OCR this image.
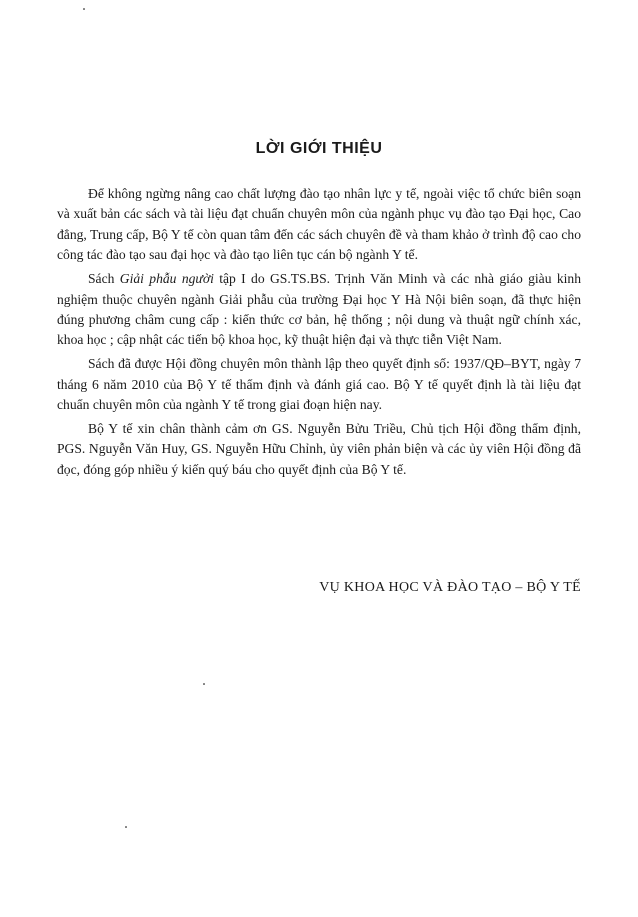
LỜI GIỚI THIỆU

Để không ngừng nâng cao chất lượng đào tạo nhân lực y tế, ngoài việc tổ chức biên soạn và xuất bản các sách và tài liệu đạt chuẩn chuyên môn của ngành phục vụ đào tạo Đại học, Cao đẳng, Trung cấp, Bộ Y tế còn quan tâm đến các sách chuyên đề và tham khảo ở trình độ cao cho công tác đào tạo sau đại học và đào tạo liên tục cán bộ ngành Y tế.

Sách Giải phẫu người tập I do GS.TS.BS. Trịnh Văn Minh và các nhà giáo giàu kinh nghiệm thuộc chuyên ngành Giải phẫu của trường Đại học Y Hà Nội biên soạn, đã thực hiện đúng phương châm cung cấp : kiến thức cơ bản, hệ thống ; nội dung và thuật ngữ chính xác, khoa học ; cập nhật các tiến bộ khoa học, kỹ thuật hiện đại và thực tiễn Việt Nam.

Sách đã được Hội đồng chuyên môn thành lập theo quyết định số: 1937/QĐ–BYT, ngày 7 tháng 6 năm 2010 của Bộ Y tế thẩm định và đánh giá cao. Bộ Y tế quyết định là tài liệu đạt chuẩn chuyên môn của ngành Y tế trong giai đoạn hiện nay.

Bộ Y tế xin chân thành cảm ơn GS. Nguyễn Bửu Triều, Chủ tịch Hội đồng thẩm định, PGS. Nguyễn Văn Huy, GS. Nguyễn Hữu Chỉnh, ủy viên phản biện và các ủy viên Hội đồng đã đọc, đóng góp nhiều ý kiến quý báu cho quyết định của Bộ Y tế.

VỤ KHOA HỌC VÀ ĐÀO TẠO – BỘ Y TẾ
